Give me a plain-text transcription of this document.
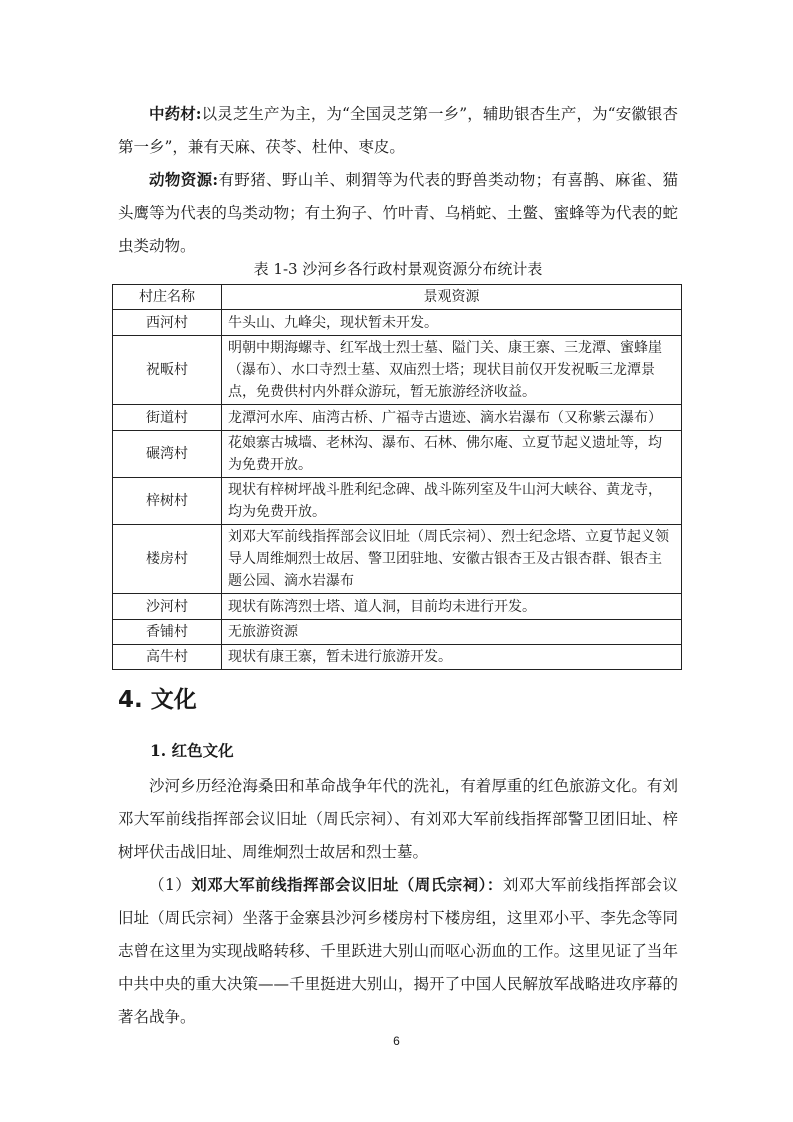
中药材:以灵芝生产为主，为“全国灵芝第一乡”，辅助银杏生产，为“安徽银杏第一乡”，兼有天麻、茯苓、杜仲、枣皮。

动物资源:有野猪、野山羊、刺猬等为代表的野兽类动物；有喜鹊、麻雀、猫头鹰等为代表的鸟类动物；有土狗子、竹叶青、乌梢蛇、土鳖、蜜蜂等为代表的蛇虫类动物。

表 1-3 沙河乡各行政村景观资源分布统计表
村庄名称	景观资源
西河村	牛头山、九峰尖，现状暂未开发。
祝畈村	明朝中期海螺寺、红军战士烈士墓、隘门关、康王寨、三龙潭、蜜蜂崖（瀑布）、水口寺烈士墓、双庙烈士塔；现状目前仅开发祝畈三龙潭景点，免费供村内外群众游玩，暂无旅游经济收益。
街道村	龙潭河水库、庙湾古桥、广福寺古遗迹、滴水岩瀑布（又称紫云瀑布）
碾湾村	花娘寨古城墙、老林沟、瀑布、石林、佛尔庵、立夏节起义遗址等，均为免费开放。
梓树村	现状有梓树坪战斗胜利纪念碑、战斗陈列室及牛山河大峡谷、黄龙寺，均为免费开放。
楼房村	刘邓大军前线指挥部会议旧址（周氏宗祠）、烈士纪念塔、立夏节起义领导人周维炯烈士故居、警卫团驻地、安徽古银杏王及古银杏群、银杏主题公园、滴水岩瀑布
沙河村	现状有陈湾烈士塔、道人洞，目前均未进行开发。
香铺村	无旅游资源
高牛村	现状有康王寨，暂未进行旅游开发。
4. 文化
1. 红色文化

沙河乡历经沧海桑田和革命战争年代的洗礼，有着厚重的红色旅游文化。有刘邓大军前线指挥部会议旧址（周氏宗祠）、有刘邓大军前线指挥部警卫团旧址、梓树坪伏击战旧址、周维炯烈士故居和烈士墓。

（1）刘邓大军前线指挥部会议旧址（周氏宗祠）：刘邓大军前线指挥部会议旧址（周氏宗祠）坐落于金寨县沙河乡楼房村下楼房组，这里邓小平、李先念等同志曾在这里为实现战略转移、千里跃进大别山而呕心沥血的工作。这里见证了当年中共中央的重大决策——千里挺进大别山，揭开了中国人民解放军战略进攻序幕的著名战争。

6
